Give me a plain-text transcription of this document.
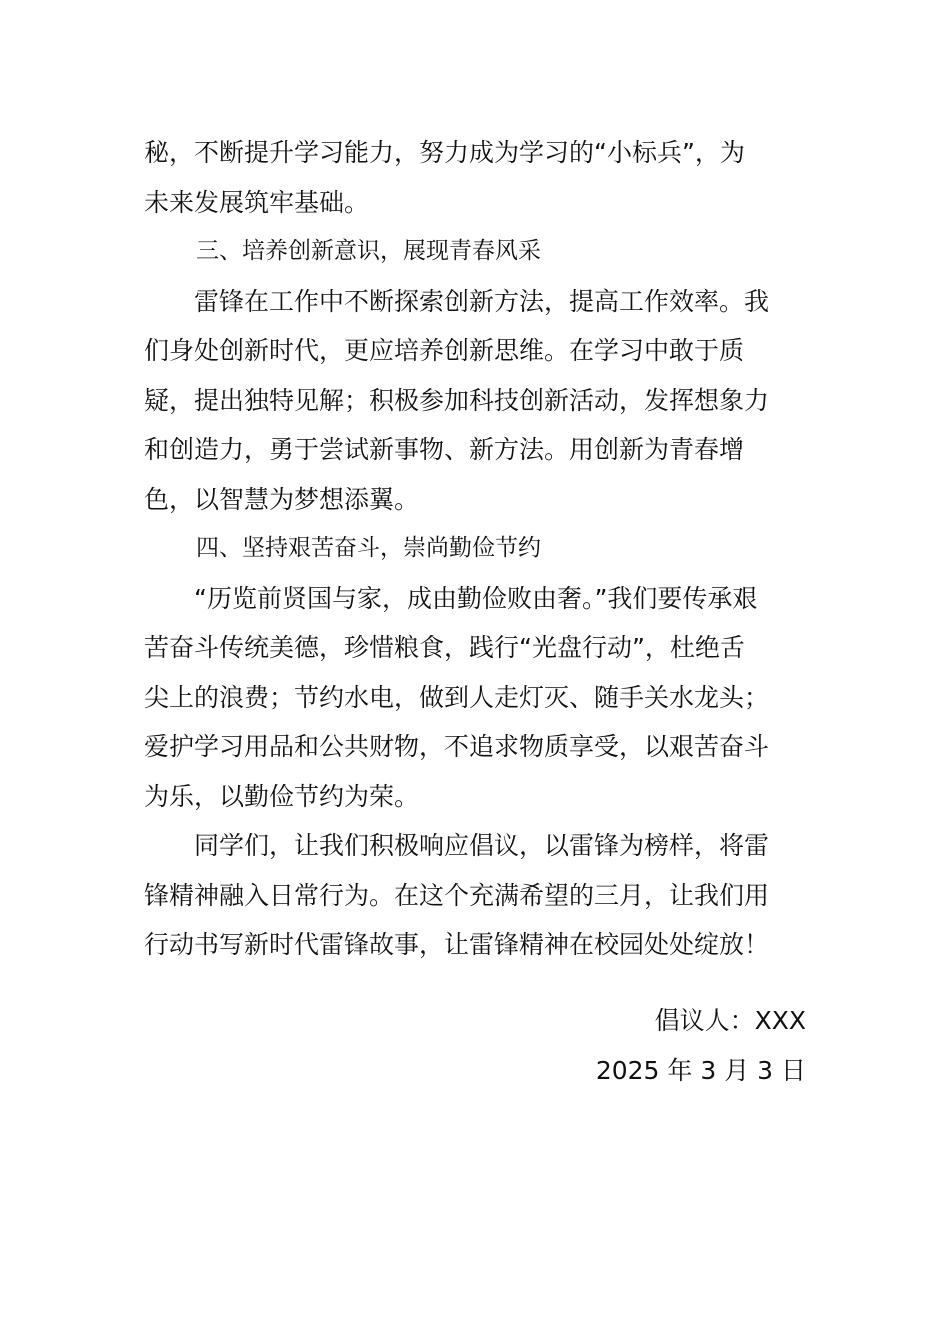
秘，不断提升学习能力，努力成为学习的“小标兵”，为
未来发展筑牢基础。
三、培养创新意识，展现青春风采
雷锋在工作中不断探索创新方法，提高工作效率。我
们身处创新时代，更应培养创新思维。在学习中敢于质
疑，提出独特见解；积极参加科技创新活动，发挥想象力
和创造力，勇于尝试新事物、新方法。用创新为青春增
色，以智慧为梦想添翼。
四、坚持艰苦奋斗，崇尚勤俭节约
“历览前贤国与家，成由勤俭败由奢。”我们要传承艰
苦奋斗传统美德，珍惜粮食，践行“光盘行动”，杜绝舌
尖上的浪费；节约水电，做到人走灯灭、随手关水龙头；
爱护学习用品和公共财物，不追求物质享受，以艰苦奋斗
为乐，以勤俭节约为荣。
同学们，让我们积极响应倡议，以雷锋为榜样，将雷
锋精神融入日常行为。在这个充满希望的三月，让我们用
行动书写新时代雷锋故事，让雷锋精神在校园处处绽放！
倡议人：XXX
2025 年 3 月 3 日
